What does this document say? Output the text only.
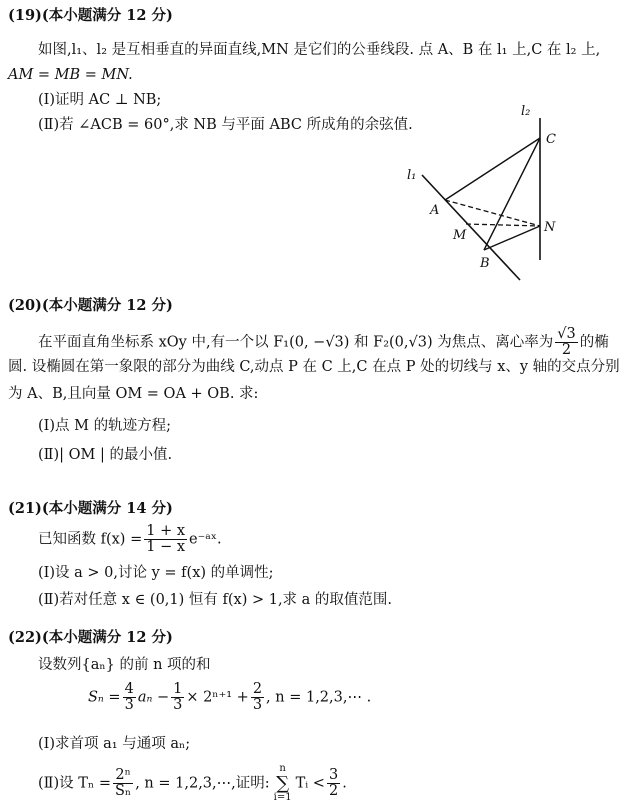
(19)(本小题满分 12 分)
如图,l₁、l₂ 是互相垂直的异面直线,MN 是它们的公垂线段. 点 A、B 在 l₁ 上,C 在 l₂ 上,
AM = MB = MN.
(Ⅰ)证明 AC ⊥ NB;
(Ⅱ)若 ∠ACB = 60°,求 NB 与平面 ABC 所成角的余弦值.
l₂
l₁
C
A
M
N
B
(20)(本小题满分 12 分)
在平面直角坐标系 xOy 中,有一个以 F₁(0, −√3) 和 F₂(0,√3) 为焦点、离心率为 $\frac{√3}{2}$ 的椭
圆. 设椭圆在第一象限的部分为曲线 C,动点 P 在 C 上,C 在点 P 处的切线与 x、y 轴的交点分别
为 A、B,且向量 OM = OA + OB. 求:
(Ⅰ)点 M 的轨迹方程;
(Ⅱ)| OM | 的最小值.
(21)(本小题满分 14 分)
已知函数 $f(x) = \frac{1 + x}{1 - x}$ e⁻ᵃˣ.
(Ⅰ)设 a > 0,讨论 y = f(x) 的单调性;
(Ⅱ)若对任意 x ∈ (0,1) 恒有 f(x) > 1,求 a 的取值范围.
(22)(本小题满分 12 分)
设数列{aₙ} 的前 n 项的和
$S_n = \frac{4}{3}$ $a_n - \frac{1}{3} \times 2^{n+1} + \frac{2}{3}$ , n = 1,2,3,⋯ .
(Ⅰ)求首项 a₁ 与通项 aₙ;
(Ⅱ)设 $T_n = \frac{\text{2ⁿ}}{\text{Sₙ}}$ , n = 1,2,3,⋯,证明:
n
∑
i=1
Tᵢ < $\frac{3}{2}$ .
